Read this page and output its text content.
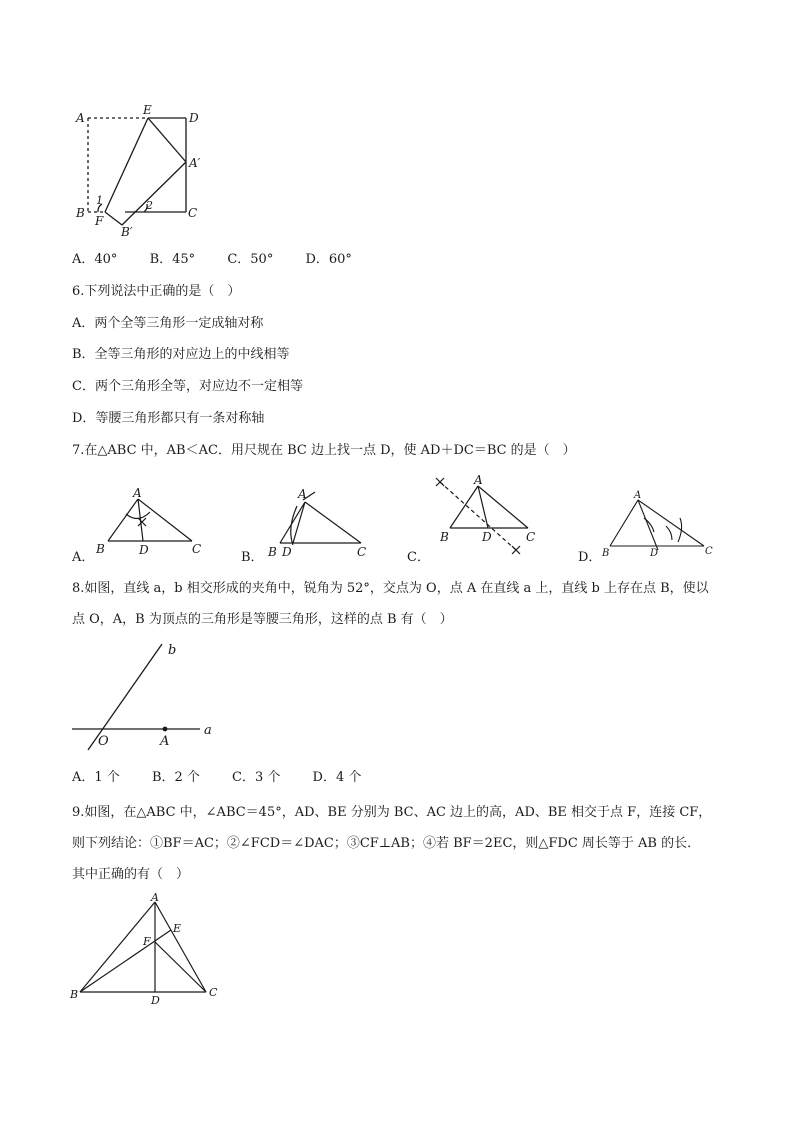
A
E
D
A′
B	C
F
B′
1	2
A．40° B．45° C．50° D．60°
6.下列说法中正确的是（　）
A．两个全等三角形一定成轴对称
B．全等三角形的对应边上的中线相等
C．两个三角形全等，对应边不一定相等
D．等腰三角形都只有一条对称轴
7.在△ABC 中，AB＜AC．用尺规在 BC 边上找一点 D，使 AD＋DC＝BC 的是（　）
A．
A
B	D	C
B．
A
B D	C	C．
A
B	D	C
D．
A
B	D	C
8.如图，直线 a，b 相交形成的夹角中，锐角为 52°，交点为 O，点 A 在直线 a 上，直线 b 上存在点 B，使以
点 O，A，B 为顶点的三角形是等腰三角形，这样的点 B 有（　）
b
a
O	A
A．1 个 B．2 个 C．3 个 D．4 个
9.如图，在△ABC 中，∠ABC＝45°，AD、BE 分别为 BC、AC 边上的高，AD、BE 相交于点 F，连接 CF，
则下列结论：①BF＝AC；②∠FCD＝∠DAC；③CF⊥AB；④若 BF＝2EC，则△FDC 周长等于 AB 的长．
其中正确的有（　）
A
E
F
B	D
C
